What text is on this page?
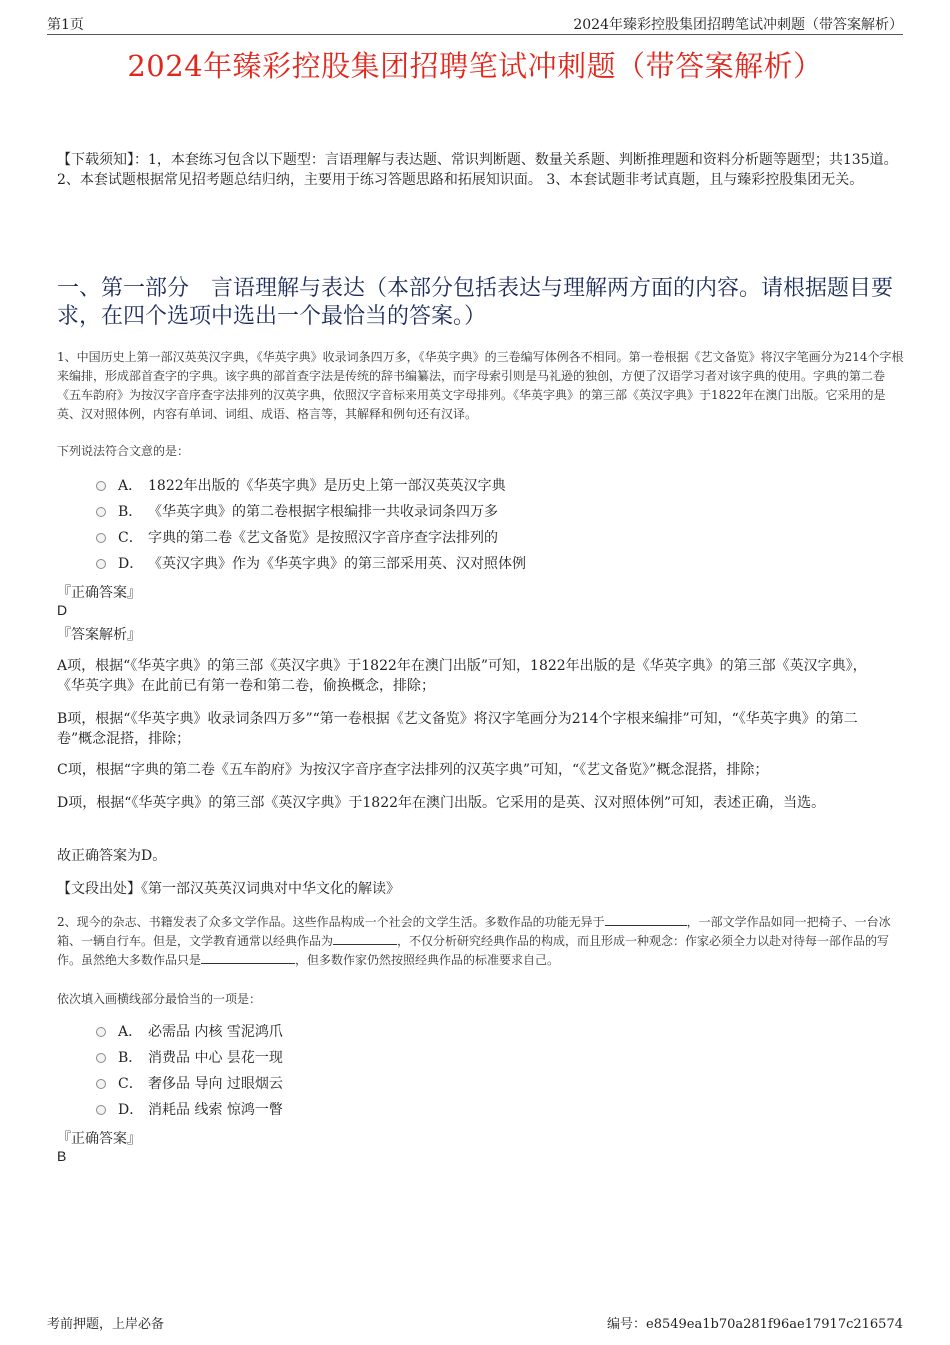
第1页	2024年臻彩控股集团招聘笔试冲刺题（带答案解析）
2024年臻彩控股集团招聘笔试冲刺题（带答案解析）
【下载须知】：1，本套练习包含以下题型：言语理解与表达题、常识判断题、数量关系题、判断推理题和资料分析题等题型；共135道。 2、本套试题根据常见招考题总结归纳，主要用于练习答题思路和拓展知识面。 3、本套试题非考试真题，且与臻彩控股集团无关。
一、第一部分　言语理解与表达（本部分包括表达与理解两方面的内容。请根据题目要求，在四个选项中选出一个最恰当的答案。）
1、中国历史上第一部汉英英汉字典，《华英字典》收录词条四万多，《华英字典》的三卷编写体例各不相同。第一卷根据《艺文备览》将汉字笔画分为214个字根来编排，形成部首查字的字典。该字典的部首查字法是传统的辞书编纂法，而字母索引则是马礼逊的独创，方便了汉语学习者对该字典的使用。字典的第二卷《五车韵府》为按汉字音序查字法排列的汉英字典，依照汉字音标来用英文字母排列。《华英字典》的第三部《英汉字典》于1822年在澳门出版。它采用的是英、汉对照体例，内容有单词、词组、成语、格言等，其解释和例句还有汉译。
下列说法符合文意的是：
A． 1822年出版的《华英字典》是历史上第一部汉英英汉字典
B． 《华英字典》的第二卷根据字根编排一共收录词条四万多
C． 字典的第二卷《艺文备览》是按照汉字音序查字法排列的
D． 《英汉字典》作为《华英字典》的第三部采用英、汉对照体例
『正确答案』
D
『答案解析』
A项，根据“《华英字典》的第三部《英汉字典》于1822年在澳门出版”可知，1822年出版的是《华英字典》的第三部《英汉字典》，《华英字典》在此前已有第一卷和第二卷，偷换概念，排除；
B项，根据“《华英字典》收录词条四万多”“第一卷根据《艺文备览》将汉字笔画分为214个字根来编排”可知，“《华英字典》的第二卷”概念混搭，排除；
C项，根据“字典的第二卷《五车韵府》为按汉字音序查字法排列的汉英字典”可知，“《艺文备览》”概念混搭，排除；
D项，根据“《华英字典》的第三部《英汉字典》于1822年在澳门出版。它采用的是英、汉对照体例”可知，表述正确，当选。
故正确答案为D。
【文段出处】《第一部汉英英汉词典对中华文化的解读》
2、现今的杂志、书籍发表了众多文学作品。这些作品构成一个社会的文学生活。多数作品的功能无异于	，一部文学作品如同一把椅子、一台冰箱、一辆自行车。但是，文学教育通常以经典作品为	，不仅分析研究经典作品的构成，而且形成一种观念：作家必须全力以赴对待每一部作品的写作。虽然绝大多数作品只是	，但多数作家仍然按照经典作品的标准要求自己。
依次填入画横线部分最恰当的一项是：
A． 必需品 内核 雪泥鸿爪
B． 消费品 中心 昙花一现
C． 奢侈品 导向 过眼烟云
D． 消耗品 线索 惊鸿一瞥
『正确答案』
B
考前押题，上岸必备	编号：e8549ea1b70a281f96ae17917c216574
